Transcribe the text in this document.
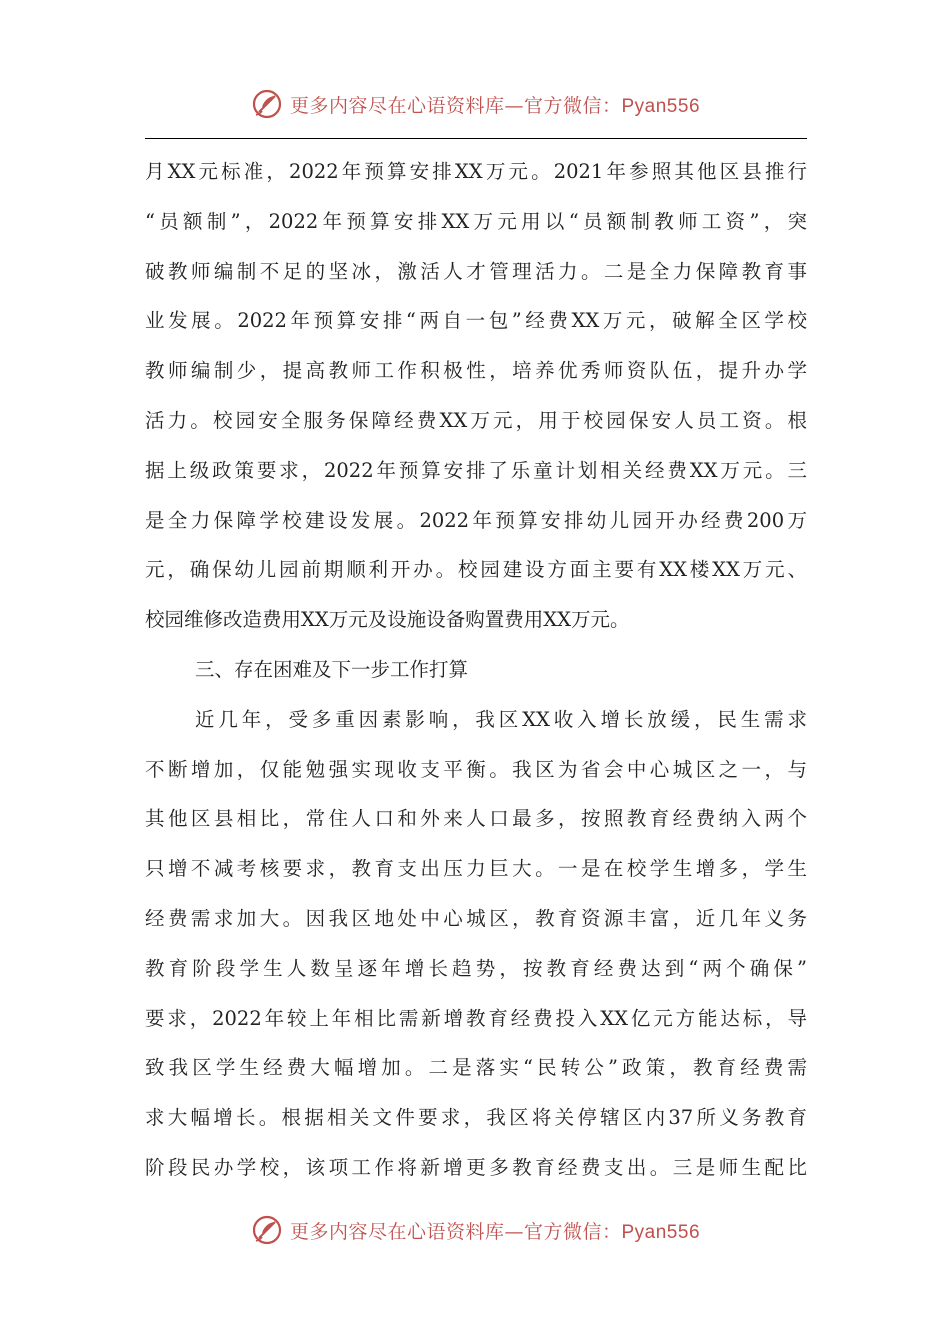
更多内容尽在心语资料库—官方微信：Pyan556
月XX元标准，2022年预算安排XX万元。2021年参照其他区县推行
“员额制”，2022年预算安排XX万元用以“员额制教师工资”，突
破教师编制不足的坚冰，激活人才管理活力。二是全力保障教育事
业发展。2022年预算安排“两自一包”经费XX万元，破解全区学校
教师编制少，提高教师工作积极性，培养优秀师资队伍，提升办学
活力。校园安全服务保障经费XX万元，用于校园保安人员工资。根
据上级政策要求，2022年预算安排了乐童计划相关经费XX万元。三
是全力保障学校建设发展。2022年预算安排幼儿园开办经费200万
元，确保幼儿园前期顺利开办。校园建设方面主要有XX楼XX万元、
校园维修改造费用XX万元及设施设备购置费用XX万元。
三、存在困难及下一步工作打算
近几年，受多重因素影响，我区XX收入增长放缓，民生需求
不断增加，仅能勉强实现收支平衡。我区为省会中心城区之一，与
其他区县相比，常住人口和外来人口最多，按照教育经费纳入两个
只增不减考核要求，教育支出压力巨大。一是在校学生增多，学生
经费需求加大。因我区地处中心城区，教育资源丰富，近几年义务
教育阶段学生人数呈逐年增长趋势，按教育经费达到“两个确保”
要求，2022年较上年相比需新增教育经费投入XX亿元方能达标，导
致我区学生经费大幅增加。二是落实“民转公”政策，教育经费需
求大幅增长。根据相关文件要求，我区将关停辖区内37所义务教育
阶段民办学校，该项工作将新增更多教育经费支出。三是师生配比
更多内容尽在心语资料库—官方微信：Pyan556
